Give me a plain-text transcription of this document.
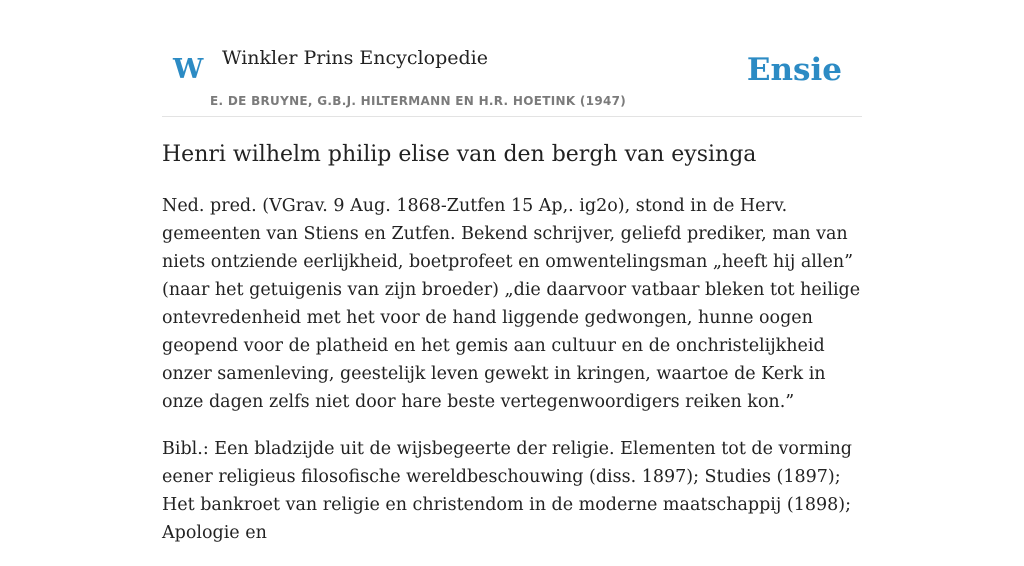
W Winkler Prins Encyclopedie
E. DE BRUYNE, G.B.J. HILTERMANN EN H.R. HOETINK (1947)
Ensie
Henri wilhelm philip elise van den bergh van eysinga

Ned. pred. (VGrav. 9 Aug. 1868-Zutfen 15 Ap,. ig2o), stond in de Herv. gemeenten van Stiens en Zutfen. Bekend schrijver, geliefd prediker, man van niets ontziende eerlijkheid, boetprofeet en omwentelingsman „heeft hij allen” (naar het getuigenis van zijn broeder) „die daarvoor vatbaar bleken tot heilige ontevredenheid met het voor de hand liggende gedwongen, hunne oogen geopend voor de platheid en het gemis aan cultuur en de onchristelijkheid onzer samenleving, geestelijk leven gewekt in kringen, waartoe de Kerk in onze dagen zelfs niet door hare beste vertegenwoordigers reiken kon.”

Bibl.: Een bladzijde uit de wijsbegeerte der religie. Elementen tot de vorming eener religieus filosofische wereldbeschouwing (diss. 1897); Studies (1897); Het bankroet van religie en christendom in de moderne maatschappij (1898); Apologie en
